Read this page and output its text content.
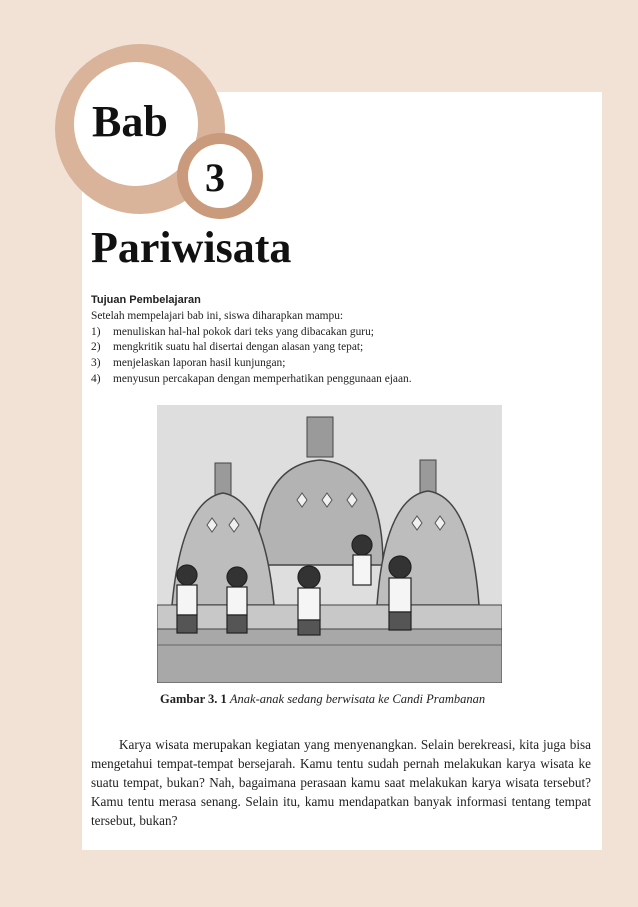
Bab
3
Pariwisata
Tujuan Pembelajaran
Setelah mempelajari bab ini, siswa diharapkan mampu:
1)	menuliskan hal-hal pokok dari teks yang dibacakan guru;
2)	mengkritik suatu hal disertai dengan alasan yang tepat;
3)	menjelaskan laporan hasil kunjungan;
4)	menyusun percakapan dengan memperhatikan penggunaan ejaan.
Gambar 3. 1 Anak-anak sedang berwisata ke Candi Prambanan
Karya wisata merupakan kegiatan yang menyenangkan. Selain berekreasi, kita juga bisa mengetahui tempat-tempat bersejarah. Kamu tentu sudah pernah melakukan karya wisata ke suatu tempat, bukan? Nah, bagaimana perasaan kamu saat melakukan karya wisata tersebut? Kamu tentu merasa senang. Selain itu, kamu mendapatkan banyak informasi tentang tempat tersebut, bukan?
